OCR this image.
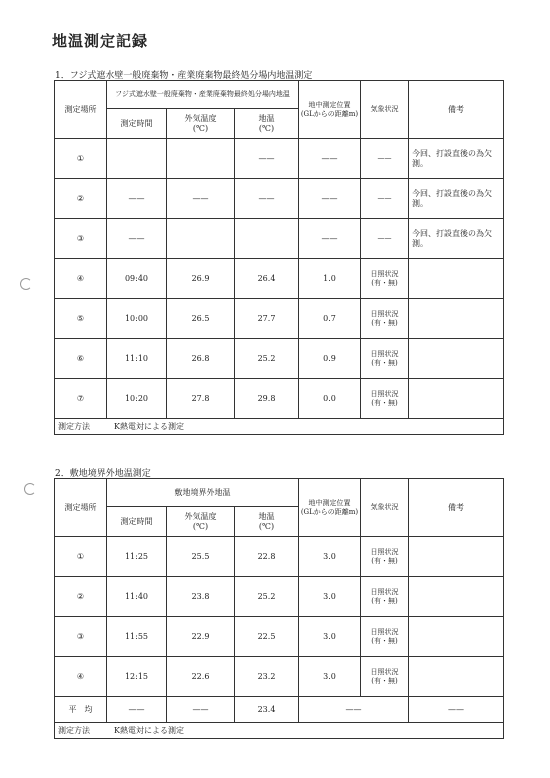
地温測定記録
1．フジ式遮水壁一般廃棄物・産業廃棄物最終処分場内地温測定
測定場所	フジ式遮水壁一般廃棄物・産業廃棄物最終処分場内地温			地中測定位置
(GLからの距離m)	気象状況	備考
	測定時間	外気温度
(℃)	地温
(℃)			
①			——	——	——	今回、打設直後の為欠測。
②	——	——	——	——	——	今回、打設直後の為欠測。
③	——			——	——	今回、打設直後の為欠測。
④	09:40	26.9	26.4	1.0	日照状況
(有・無)	
⑤	10:00	26.5	27.7	0.7	日照状況
(有・無)	
⑥	11:10	26.8	25.2	0.9	日照状況
(有・無)	
⑦	10:20	27.8	29.8	0.0	日照状況
(有・無)	
測定方法 K熱電対による測定						
2．敷地境界外地温測定
測定場所	敷地境界外地温			地中測定位置
(GLからの距離m)	気象状況	備考
	測定時間	外気温度
(℃)	地温
(℃)			
①	11:25	25.5	22.8	3.0	日照状況
(有・無)	
②	11:40	23.8	25.2	3.0	日照状況
(有・無)	
③	11:55	22.9	22.5	3.0	日照状況
(有・無)	
④	12:15	22.6	23.2	3.0	日照状況
(有・無)	
平　均	——	——	23.4	——		——
測定方法 K熱電対による測定						
